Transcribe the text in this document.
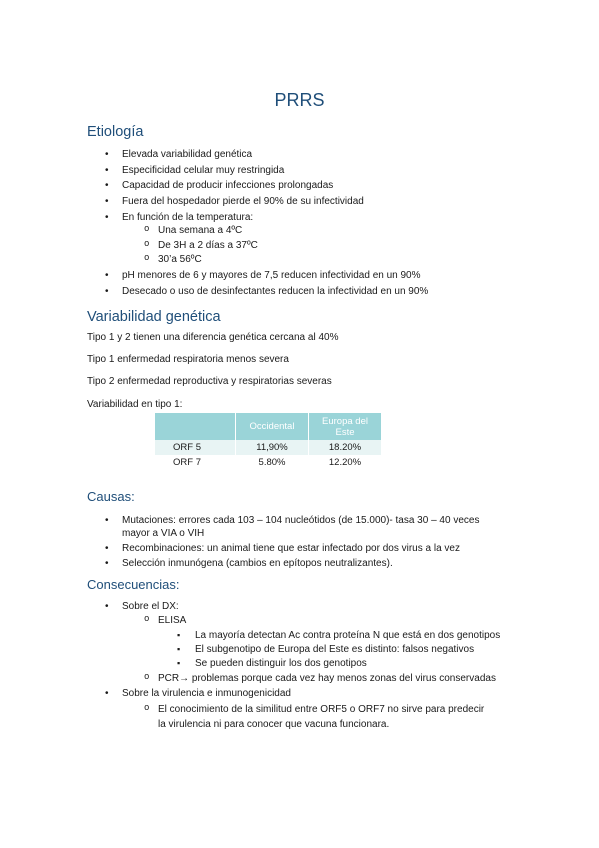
PRRS
Etiología
• Elevada variabilidad genética
• Especificidad celular muy restringida
• Capacidad de producir infecciones prolongadas
• Fuera del hospedador pierde el 90% de su infectividad
• En función de la temperatura:
o Una semana a 4ºC
o De 3H a 2 días a 37ºC
o 30’a 56ºC
• pH menores de 6 y mayores de 7,5 reducen infectividad en un 90%
• Desecado o uso de desinfectantes reducen la infectividad en un 90%
Variabilidad genética

Tipo 1 y 2 tienen una diferencia genética cercana al 40%

Tipo 1 enfermedad respiratoria menos severa

Tipo 2 enfermedad reproductiva y respiratorias severas

Variabilidad en tipo 1:

	Occidental	Europa del Este
ORF 5	11,90%	18.20%
ORF 7	5.80%	12.20%
Causas:
• Mutaciones: errores cada 103 – 104 nucleótidos (de 15.000)- tasa 30 – 40 veces
mayor a VIA o VIH
• Recombinaciones: un animal tiene que estar infectado por dos virus a la vez
• Selección inmunógena (cambios en epítopos neutralizantes).
Consecuencias:
• Sobre el DX:
o ELISA
▪ La mayoría detectan Ac contra proteína N que está en dos genotipos
▪ El subgenotipo de Europa del Este es distinto: falsos negativos
▪ Se pueden distinguir los dos genotipos
o PCR→ problemas porque cada vez hay menos zonas del virus conservadas
• Sobre la virulencia e inmunogenicidad
o El conocimiento de la similitud entre ORF5 o ORF7 no sirve para predecir
la virulencia ni para conocer que vacuna funcionara.
